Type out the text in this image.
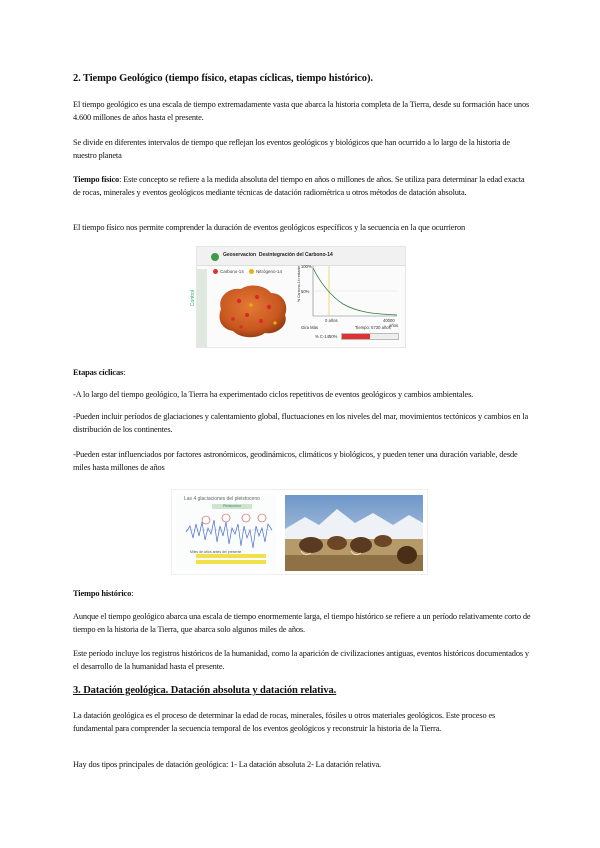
2. Tiempo Geológico (tiempo físico, etapas cíclicas, tiempo histórico).
El tiempo geológico es una escala de tiempo extremadamente vasta que abarca la historia completa de la Tierra, desde su formación hace unos 4.600 millones de años hasta el presente.
Se divide en diferentes intervalos de tiempo que reflejan los eventos geológicos y biológicos que han ocurrido a lo largo de la historia de nuestro planeta
Tiempo físico: Este concepto se refiere a la medida absoluta del tiempo en años o millones de años. Se utiliza para determinar la edad exacta de rocas, minerales y eventos geológicos mediante técnicas de datación radiométrica u otros métodos de datación absoluta.
El tiempo físico nos permite comprender la duración de eventos geológicos específicos y la secuencia en la que ocurrieron
Geoservacion Desintegración del Carbono-14
Control
Carbono-14	Nitrógeno-14
100%
50%
% Carbono-14 restante
0 años	40000
años
Gira Más	Tiempo: 5730 años
% C-14:
50%
Etapas cíclicas:
-A lo largo del tiempo geológico, la Tierra ha experimentado ciclos repetitivos de eventos geológicos y cambios ambientales.
-Pueden incluir períodos de glaciaciones y calentamiento global, fluctuaciones en los niveles del mar, movimientos tectónicos y cambios en la distribución de los continentes.
-Pueden estar influenciados por factores astronómicos, geodinámicos, climáticos y biológicos, y pueden tener una duración variable, desde miles hasta millones de años
Las 4 glaciaciones del pleistoceno
Pleistoceno
Miles de años antes del presente
Tiempo histórico:
Aunque el tiempo geológico abarca una escala de tiempo enormemente larga, el tiempo histórico se refiere a un período relativamente corto de tiempo en la historia de la Tierra, que abarca solo algunos miles de años.
Este período incluye los registros históricos de la humanidad, como la aparición de civilizaciones antiguas, eventos históricos documentados y el desarrollo de la humanidad hasta el presente.
3. Datación geológica. Datación absoluta y datación relativa.
La datación geológica es el proceso de determinar la edad de rocas, minerales, fósiles u otros materiales geológicos. Este proceso es fundamental para comprender la secuencia temporal de los eventos geológicos y reconstruir la historia de la Tierra.
Hay dos tipos principales de datación geológica: 1- La datación absoluta 2- La datación relativa.
